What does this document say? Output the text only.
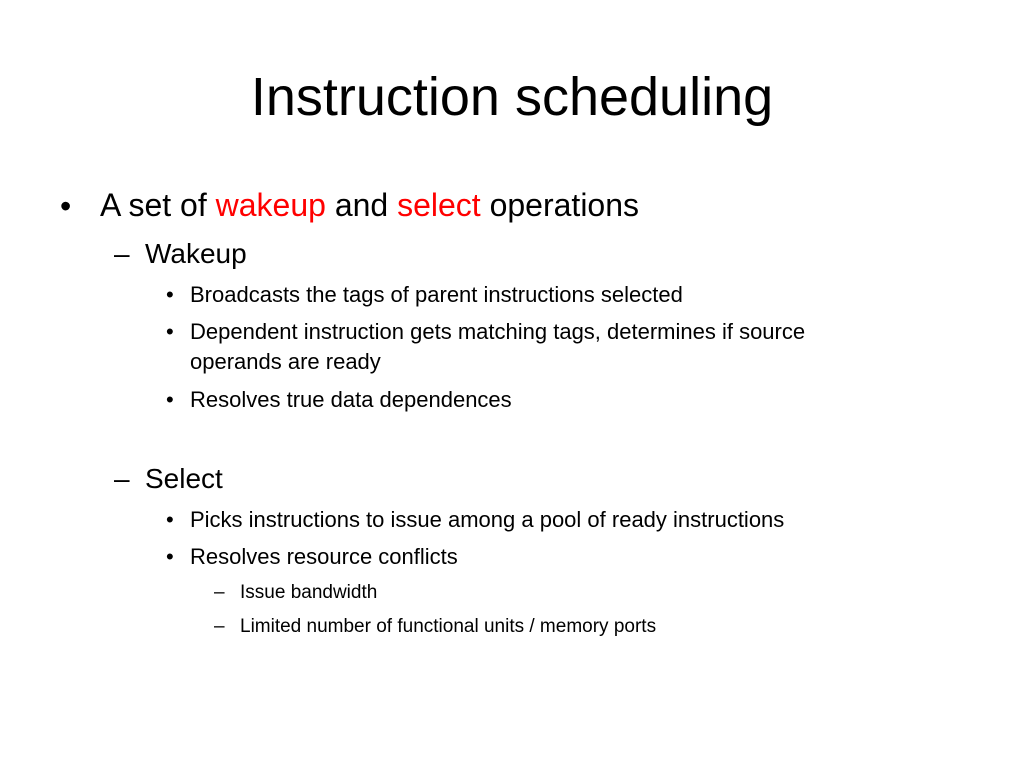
Instruction scheduling
• A set of wakeup and select operations
– Wakeup
• Broadcasts the tags of parent instructions selected
• Dependent instruction gets matching tags, determines if source
operands are ready
• Resolves true data dependences
– Select
• Picks instructions to issue among a pool of ready instructions
• Resolves resource conflicts
– Issue bandwidth
– Limited number of functional units / memory ports
